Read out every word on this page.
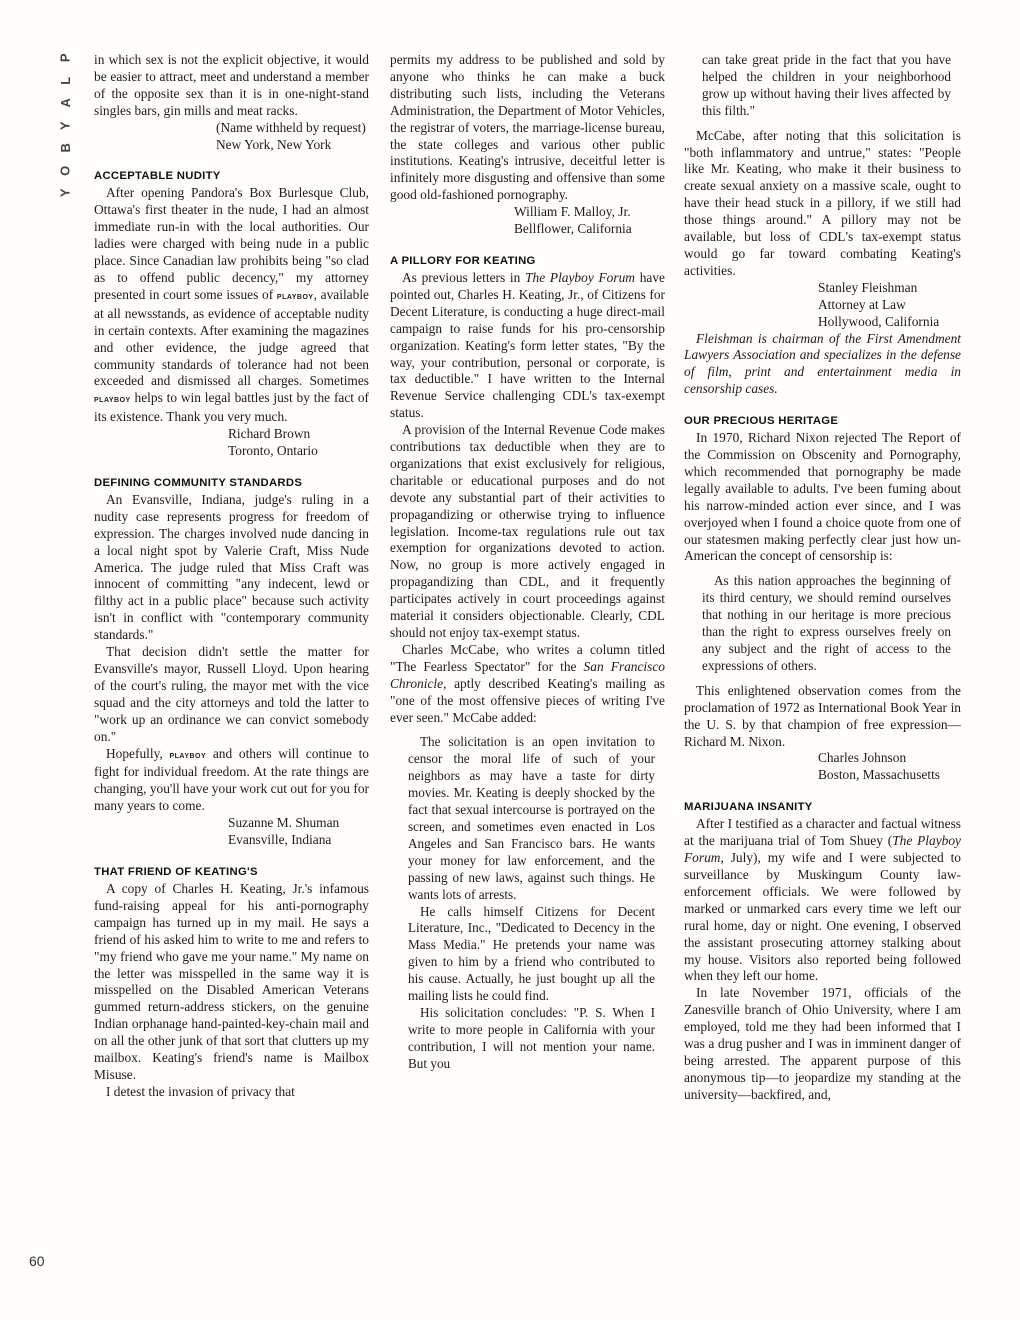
P
L
A
Y
B
O
Y
60

in which sex is not the explicit objective, it would be easier to attract, meet and understand a member of the opposite sex than it is in one-night-stand singles bars, gin mills and meat racks.

(Name withheld by request)
New York, New York
ACCEPTABLE NUDITY

After opening Pandora's Box Burlesque Club, Ottawa's first theater in the nude, I had an almost immediate run-in with the local authorities. Our ladies were charged with being nude in a public place. Since Canadian law prohibits being "so clad as to offend public decency," my attorney presented in court some issues of playboy, available at all newsstands, as evidence of acceptable nudity in certain contexts. After examining the magazines and other evidence, the judge agreed that community standards of tolerance had not been exceeded and dismissed all charges. Sometimes playboy helps to win legal battles just by the fact of its existence. Thank you very much.

Richard Brown
Toronto, Ontario
DEFINING COMMUNITY STANDARDS

An Evansville, Indiana, judge's ruling in a nudity case represents progress for freedom of expression. The charges involved nude dancing in a local night spot by Valerie Craft, Miss Nude America. The judge ruled that Miss Craft was innocent of committing "any indecent, lewd or filthy act in a public place" because such activity isn't in conflict with "contemporary community standards."

That decision didn't settle the matter for Evansville's mayor, Russell Lloyd. Upon hearing of the court's ruling, the mayor met with the vice squad and the city attorneys and told the latter to "work up an ordinance we can convict somebody on."

Hopefully, playboy and others will continue to fight for individual freedom. At the rate things are changing, you'll have your work cut out for you for many years to come.

Suzanne M. Shuman
Evansville, Indiana
THAT FRIEND OF KEATING'S

A copy of Charles H. Keating, Jr.'s infamous fund-raising appeal for his anti-pornography campaign has turned up in my mail. He says a friend of his asked him to write to me and refers to "my friend who gave me your name." My name on the letter was misspelled in the same way it is misspelled on the Disabled American Veterans gummed return-address stickers, on the genuine Indian orphanage hand-painted-key-chain mail and on all the other junk of that sort that clutters up my mailbox. Keating's friend's name is Mailbox Misuse.

I detest the invasion of privacy that

permits my address to be published and sold by anyone who thinks he can make a buck distributing such lists, including the Veterans Administration, the Department of Motor Vehicles, the registrar of voters, the marriage-license bureau, the state colleges and various other public institutions. Keating's intrusive, deceitful letter is infinitely more disgusting and offensive than some good old-fashioned pornography.

William F. Malloy, Jr.
Bellflower, California
A PILLORY FOR KEATING

As previous letters in The Playboy Forum have pointed out, Charles H. Keating, Jr., of Citizens for Decent Literature, is conducting a huge direct-mail campaign to raise funds for his pro-censorship organization. Keating's form letter states, "By the way, your contribution, personal or corporate, is tax deductible." I have written to the Internal Revenue Service challenging CDL's tax-exempt status.

A provision of the Internal Revenue Code makes contributions tax deductible when they are to organizations that exist exclusively for religious, charitable or educational purposes and do not devote any substantial part of their activities to propagandizing or otherwise trying to influence legislation. Income-tax regulations rule out tax exemption for organizations devoted to action. Now, no group is more actively engaged in propagandizing than CDL, and it frequently participates actively in court proceedings against material it considers objectionable. Clearly, CDL should not enjoy tax-exempt status.

Charles McCabe, who writes a column titled "The Fearless Spectator" for the San Francisco Chronicle, aptly described Keating's mailing as "one of the most offensive pieces of writing I've ever seen." McCabe added:

The solicitation is an open invitation to censor the moral life of such of your neighbors as may have a taste for dirty movies. Mr. Keating is deeply shocked by the fact that sexual intercourse is portrayed on the screen, and sometimes even enacted in Los Angeles and San Francisco bars. He wants your money for law enforcement, and the passing of new laws, against such things. He wants lots of arrests.

He calls himself Citizens for Decent Literature, Inc., "Dedicated to Decency in the Mass Media." He pretends your name was given to him by a friend who contributed to his cause. Actually, he just bought up all the mailing lists he could find.

His solicitation concludes: "P. S. When I write to more people in California with your contribution, I will not mention your name. But you

can take great pride in the fact that you have helped the children in your neighborhood grow up without having their lives affected by this filth."

McCabe, after noting that this solicitation is "both inflammatory and untrue," states: "People like Mr. Keating, who make it their business to create sexual anxiety on a massive scale, ought to have their head stuck in a pillory, if we still had those things around." A pillory may not be available, but loss of CDL's tax-exempt status would go far toward combating Keating's activities.

Stanley Fleishman
Attorney at Law
Hollywood, California

Fleishman is chairman of the First Amendment Lawyers Association and specializes in the defense of film, print and entertainment media in censorship cases.

OUR PRECIOUS HERITAGE

In 1970, Richard Nixon rejected The Report of the Commission on Obscenity and Pornography, which recommended that pornography be made legally available to adults. I've been fuming about his narrow-minded action ever since, and I was overjoyed when I found a choice quote from one of our statesmen making perfectly clear just how un-American the concept of censorship is:

As this nation approaches the beginning of its third century, we should remind ourselves that nothing in our heritage is more precious than the right to express ourselves freely on any subject and the right of access to the expressions of others.

This enlightened observation comes from the proclamation of 1972 as International Book Year in the U. S. by that champion of free expression—Richard M. Nixon.

Charles Johnson
Boston, Massachusetts
MARIJUANA INSANITY

After I testified as a character and factual witness at the marijuana trial of Tom Shuey (The Playboy Forum, July), my wife and I were subjected to surveillance by Muskingum County law-enforcement officials. We were followed by marked or unmarked cars every time we left our rural home, day or night. One evening, I observed the assistant prosecuting attorney stalking about my house. Visitors also reported being followed when they left our home.

In late November 1971, officials of the Zanesville branch of Ohio University, where I am employed, told me they had been informed that I was a drug pusher and I was in imminent danger of being arrested. The apparent purpose of this anonymous tip—to jeopardize my standing at the university—backfired, and,
